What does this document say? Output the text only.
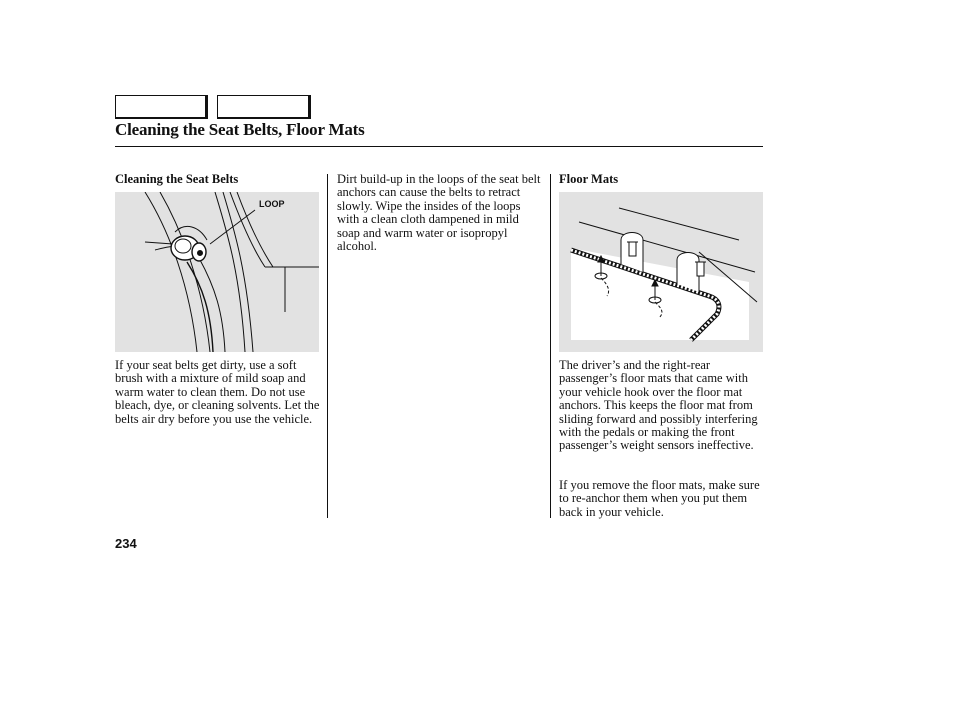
Cleaning the Seat Belts, Floor Mats
Cleaning the Seat Belts
LOOP

If your seat belts get dirty, use a soft brush with a mixture of mild soap and warm water to clean them. Do not use bleach, dye, or cleaning solvents. Let the belts air dry before you use the vehicle.

Dirt build-up in the loops of the seat belt anchors can cause the belts to retract slowly. Wipe the insides of the loops with a clean cloth dampened in mild soap and warm water or isopropyl alcohol.

Floor Mats

The driver’s and the right-rear passenger’s floor mats that came with your vehicle hook over the floor mat anchors. This keeps the floor mat from sliding forward and possibly interfering with the pedals or making the front passenger’s weight sensors ineffective.

If you remove the floor mats, make sure to re-anchor them when you put them back in your vehicle.

234
